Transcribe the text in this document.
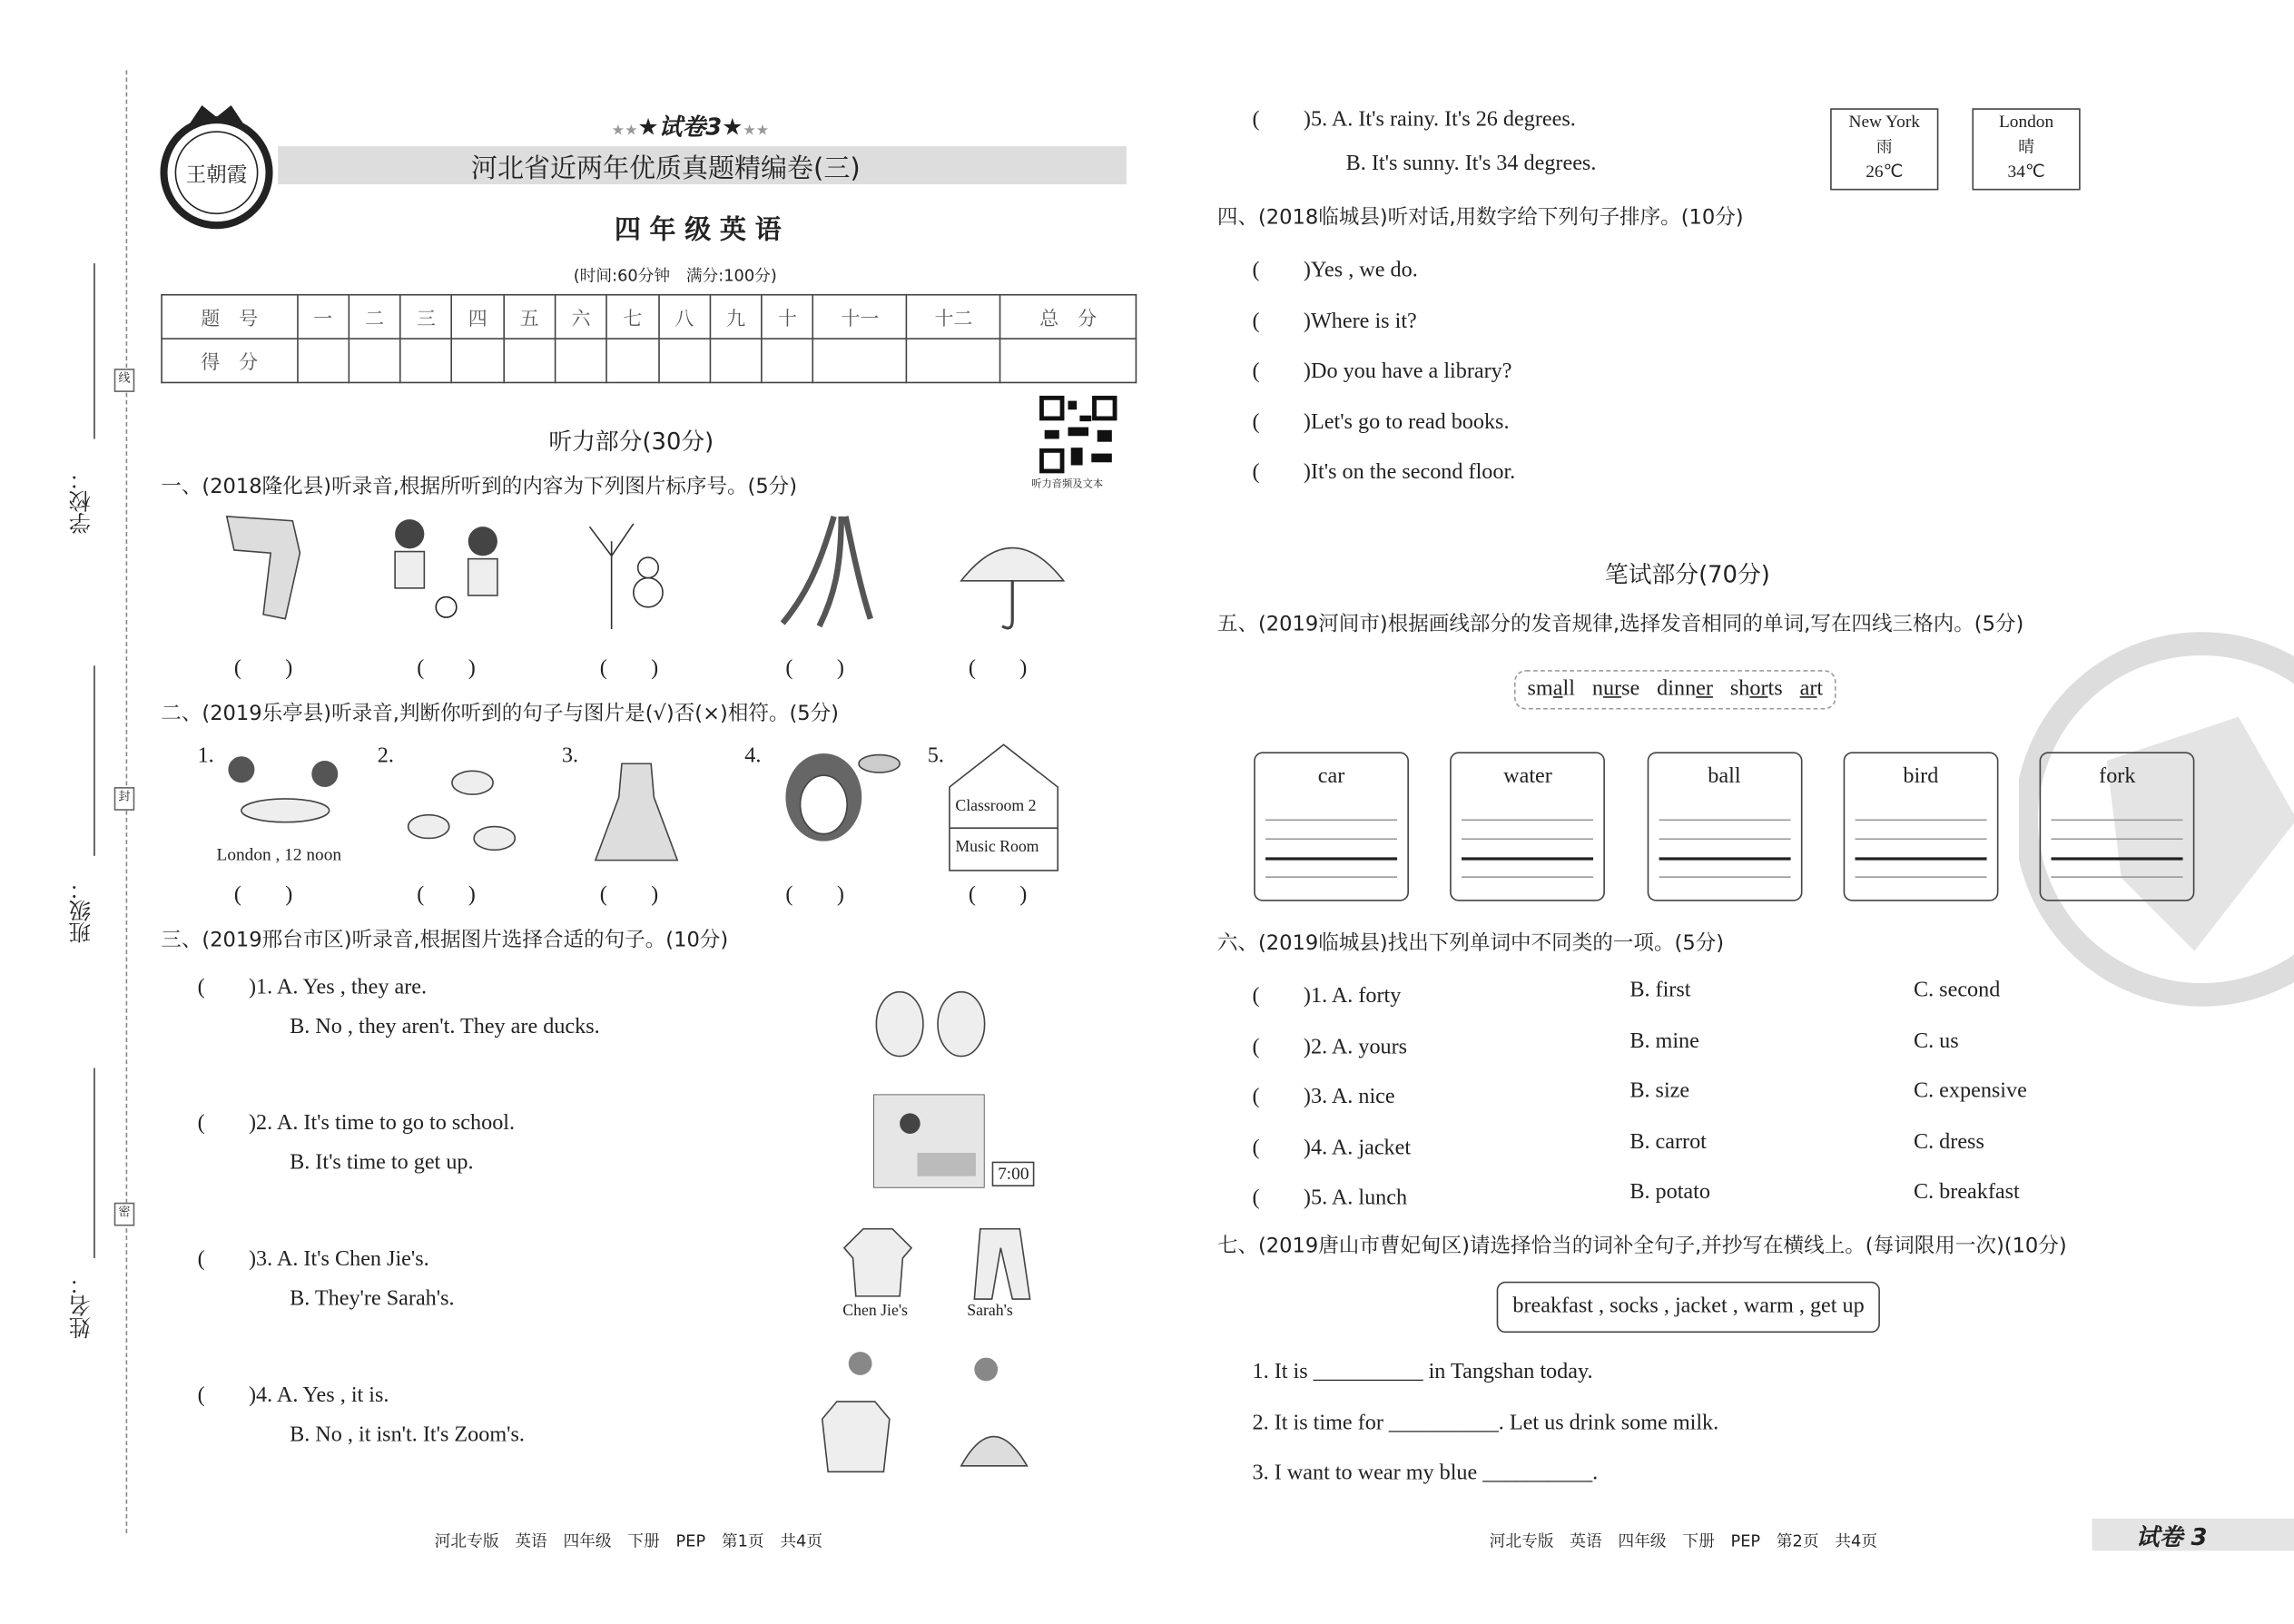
学校：
班级：
姓名：
线
封
密
王朝霞
★★★试卷3★★★
河北省近两年优质真题精编卷(三)
四年级英语
(时间:60分钟　满分:100分)
题　号	一	二	三	四	五	六	七	八	九	十	十一	十二	总　分
得　分													
听力音频及文本
听力部分(30分)
一、(2018隆化县)听录音,根据所听到的内容为下列图片标序号。(5分)
(　　)	(　　)	(　　)	(　　)	(　　)
二、(2019乐亭县)听录音,判断你听到的句子与图片是(√)否(×)相符。(5分)
1.	2.	3.	4.	5.
London , 12 noon
Classroom 2
Music Room
(　　)	(　　)	(　　)	(　　)	(　　)
三、(2019邢台市区)听录音,根据图片选择合适的句子。(10分)
(　　)1. A. Yes , they are.
B. No , they aren't. They are ducks.
(　　)2. A. It's time to go to school.
B. It's time to get up.
(　　)3. A. It's Chen Jie's.
B. They're Sarah's.
(　　)4. A. Yes , it is.
B. No , it isn't. It's Zoom's.
7:00
Chen Jie's	Sarah's
河北专版　英语　四年级　下册　PEP　第1页　共4页
(　　)5. A. It's rainy. It's 26 degrees.
B. It's sunny. It's 34 degrees.
New York
雨
26℃
London
晴
34℃
四、(2018临城县)听对话,用数字给下列句子排序。(10分)
(　　)Yes , we do.
(　　)Where is it?
(　　)Do you have a library?
(　　)Let's go to read books.
(　　)It's on the second floor.
笔试部分(70分)
五、(2019河间市)根据画线部分的发音规律,选择发音相同的单词,写在四线三格内。(5分)
small nurse dinner shorts art
car	water	ball	bird	fork
六、(2019临城县)找出下列单词中不同类的一项。(5分)
(　　)1. A. forty	B. first	C. second
(　　)2. A. yours	B. mine	C. us
(　　)3. A. nice	B. size	C. expensive
(　　)4. A. jacket	B. carrot	C. dress
(　　)5. A. lunch	B. potato	C. breakfast
七、(2019唐山市曹妃甸区)请选择恰当的词补全句子,并抄写在横线上。(每词限用一次)(10分)
breakfast , socks , jacket , warm , get up
1. It is __________ in Tangshan today.
2. It is time for __________. Let us drink some milk.
3. I want to wear my blue __________.
河北专版　英语　四年级　下册　PEP　第2页　共4页	试卷 3
